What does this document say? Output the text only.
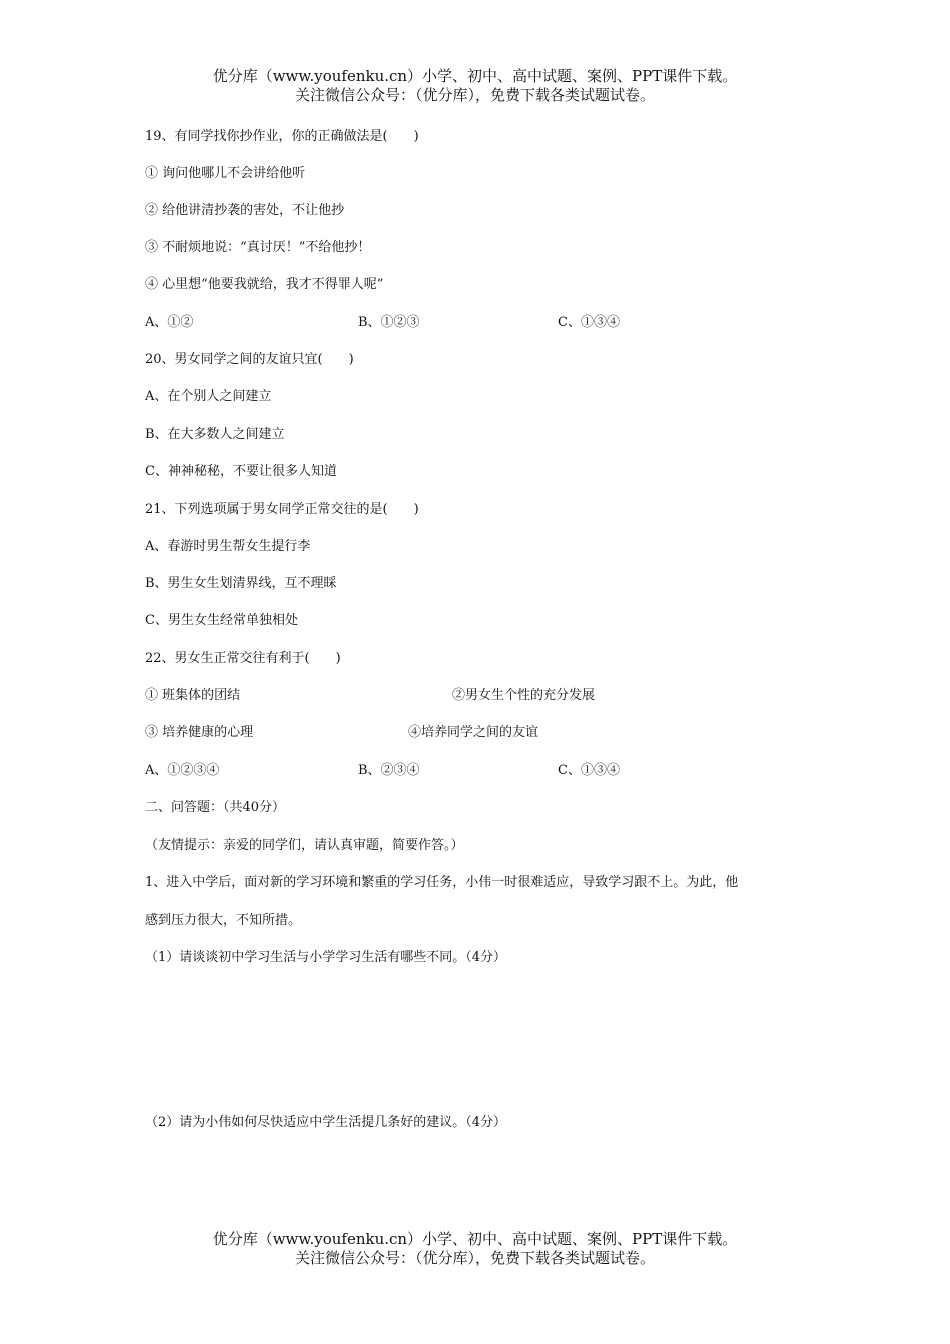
优分库（www.youfenku.cn）小学、初中、高中试题、案例、PPT课件下载。
关注微信公众号：（优分库），免费下载各类试题试卷。
19、有同学找你抄作业，你的正确做法是(　　)
① 询问他哪儿不会讲给他听
② 给他讲清抄袭的害处，不让他抄
③ 不耐烦地说：“真讨厌！”不给他抄！
④ 心里想“他要我就给，我才不得罪人呢”
A、①②	B、①②③	C、①③④
20、男女同学之间的友谊只宜(　　)
A、在个别人之间建立
B、在大多数人之间建立
C、神神秘秘，不要让很多人知道
21、下列选项属于男女同学正常交往的是(　　)
A、春游时男生帮女生提行李
B、男生女生划清界线，互不理睬
C、男生女生经常单独相处
22、男女生正常交往有利于(　　)
① 班集体的团结	②男女生个性的充分发展
③ 培养健康的心理	④培养同学之间的友谊
A、①②③④	B、②③④	C、①③④
二、问答题：（共40分）
（友情提示：亲爱的同学们，请认真审题，简要作答。）
1、进入中学后，面对新的学习环境和繁重的学习任务，小伟一时很难适应，导致学习跟不上。为此，他
感到压力很大，不知所措。
（1）请谈谈初中学习生活与小学学习生活有哪些不同。（4分）
（2）请为小伟如何尽快适应中学生活提几条好的建议。（4分）
优分库（www.youfenku.cn）小学、初中、高中试题、案例、PPT课件下载。
关注微信公众号：（优分库），免费下载各类试题试卷。
